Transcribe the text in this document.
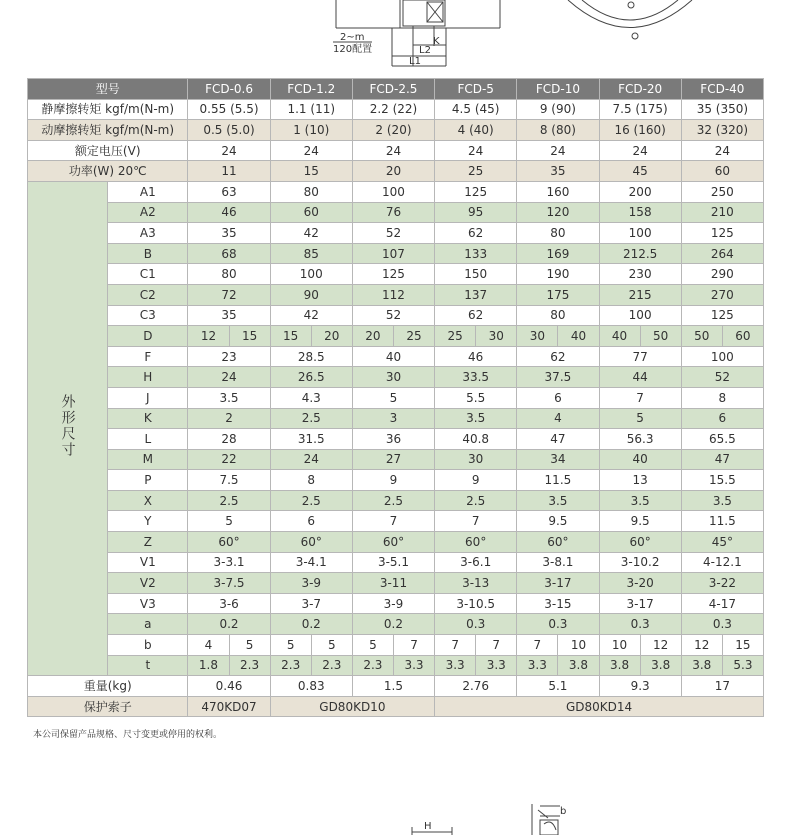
2~m
120配置
K
L2
L1
型号		FCD-0.6		FCD-1.2		FCD-2.5		FCD-5		FCD-10		FCD-20		FCD-40	
静摩擦转矩 kgf/m(N-m)		0.55 (5.5)		1.1 (11)		2.2 (22)		4.5 (45)		9 (90)		7.5 (175)		35 (350)	
动摩擦转矩 kgf/m(N-m)		0.5 (5.0)		1 (10)		2 (20)		4 (40)		8 (80)		16 (160)		32 (320)	
额定电压(V)		24		24		24		24		24		24		24	
功率(W) 20℃		11		15		20		25		35		45		60	
外形尺寸	A1	63		80		100		125		160		200		250	
	A2	46		60		76		95		120		158		210	
	A3	35		42		52		62		80		100		125	
	B	68		85		107		133		169		212.5		264	
	C1	80		100		125		150		190		230		290	
	C2	72		90		112		137		175		215		270	
	C3	35		42		52		62		80		100		125	
	D	12	15	15	20	20	25	25	30	30	40	40	50	50	60
	F	23		28.5		40		46		62		77		100	
	H	24		26.5		30		33.5		37.5		44		52	
	J	3.5		4.3		5		5.5		6		7		8	
	K	2		2.5		3		3.5		4		5		6	
	L	28		31.5		36		40.8		47		56.3		65.5	
	M	22		24		27		30		34		40		47	
	P	7.5		8		9		9		11.5		13		15.5	
	X	2.5		2.5		2.5		2.5		3.5		3.5		3.5	
	Y	5		6		7		7		9.5		9.5		11.5	
	Z	60°		60°		60°		60°		60°		60°		45°	
	V1	3-3.1		3-4.1		3-5.1		3-6.1		3-8.1		3-10.2		4-12.1	
	V2	3-7.5		3-9		3-11		3-13		3-17		3-20		3-22	
	V3	3-6		3-7		3-9		3-10.5		3-15		3-17		4-17	
	a	0.2		0.2		0.2		0.3		0.3		0.3		0.3	
	b	4	5	5	5	5	7	7	7	7	10	10	12	12	15
	t	1.8	2.3	2.3	2.3	2.3	3.3	3.3	3.3	3.3	3.8	3.8	3.8	3.8	5.3
重量(kg)		0.46		0.83		1.5		2.76		5.1		9.3		17	
保护索子		470KD07		GD80KD10				GD80KD14							
本公司保留产品规格、尺寸变更或停用的权利。
H
b
